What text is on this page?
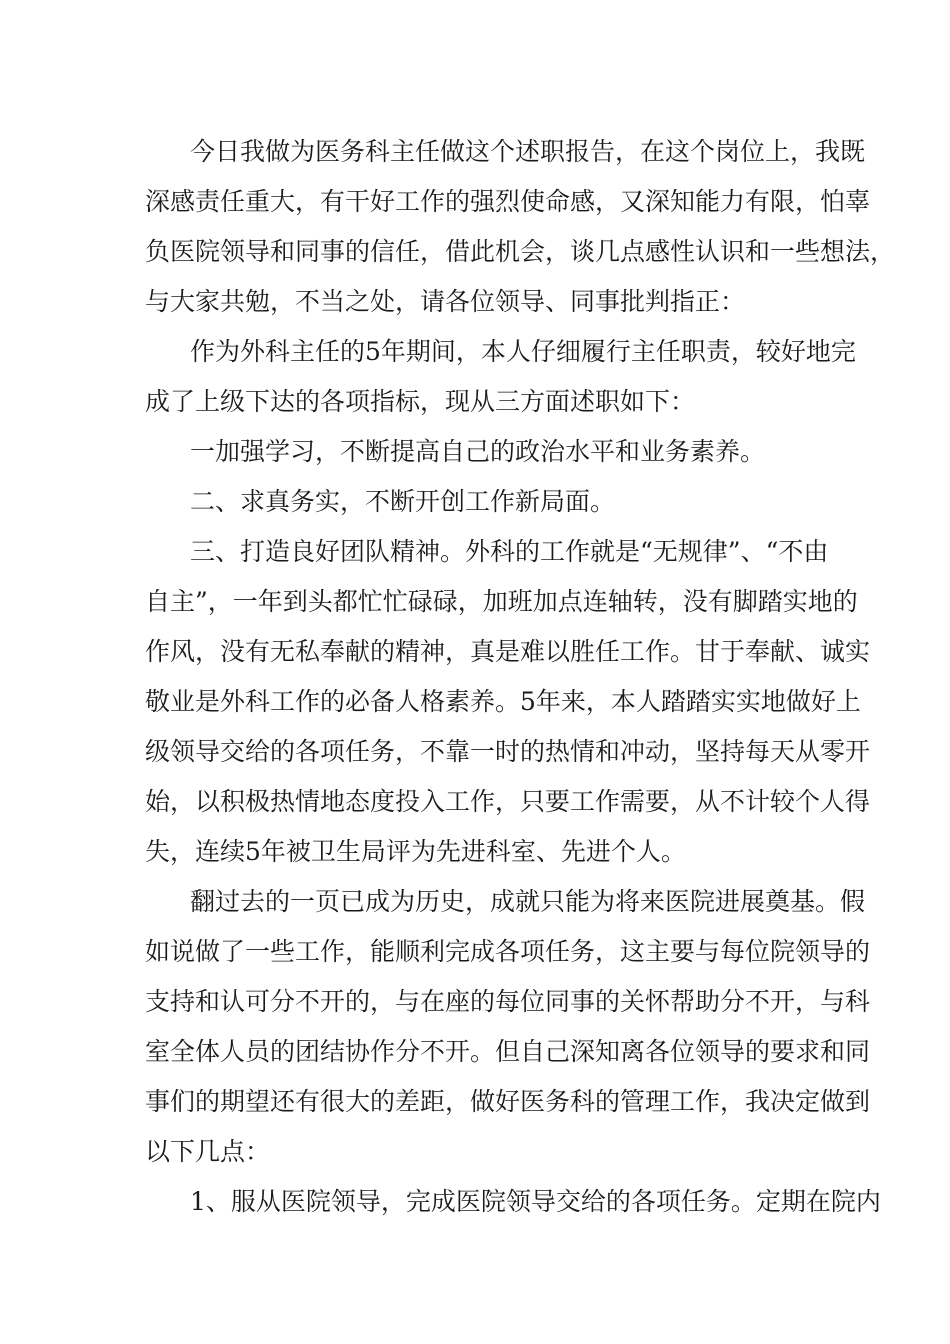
今日我做为医务科主任做这个述职报告，在这个岗位上，我既
深感责任重大，有干好工作的强烈使命感，又深知能力有限，怕辜
负医院领导和同事的信任，借此机会，谈几点感性认识和一些想法，
与大家共勉，不当之处，请各位领导、同事批判指正：
作为外科主任的5年期间，本人仔细履行主任职责，较好地完
成了上级下达的各项指标，现从三方面述职如下：
一加强学习，不断提高自己的政治水平和业务素养。
二、求真务实，不断开创工作新局面。
三、打造良好团队精神。外科的工作就是“无规律”、“不由
自主”，一年到头都忙忙碌碌，加班加点连轴转，没有脚踏实地的
作风，没有无私奉献的精神，真是难以胜任工作。甘于奉献、诚实
敬业是外科工作的必备人格素养。5年来，本人踏踏实实地做好上
级领导交给的各项任务，不靠一时的热情和冲动，坚持每天从零开
始，以积极热情地态度投入工作，只要工作需要，从不计较个人得
失，连续5年被卫生局评为先进科室、先进个人。
翻过去的一页已成为历史，成就只能为将来医院进展奠基。假
如说做了一些工作，能顺利完成各项任务，这主要与每位院领导的
支持和认可分不开的，与在座的每位同事的关怀帮助分不开，与科
室全体人员的团结协作分不开。但自己深知离各位领导的要求和同
事们的期望还有很大的差距，做好医务科的管理工作，我决定做到
以下几点：
1、服从医院领导，完成医院领导交给的各项任务。定期在院内
